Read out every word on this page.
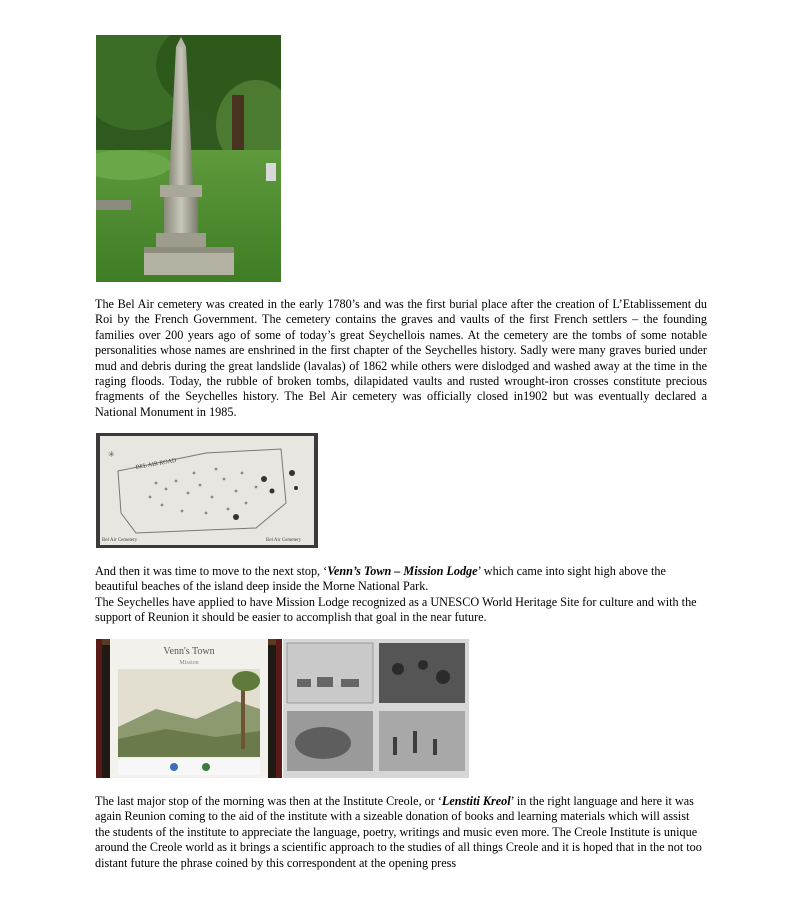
The Bel Air cemetery was created in the early 1780’s and was the first burial place after the creation of L’Etablissement du Roi by the French Government. The cemetery contains the graves and vaults of the first French settlers – the founding families over 200 years ago of some of today’s great Seychellois names. At the cemetery are the tombs of some notable personalities whose names are enshrined in the first chapter of the Seychelles history. Sadly were many graves buried under mud and debris during the great landslide (lavalas) of 1862 while others were dislodged and washed away at the time in the raging floods. Today, the rubble of broken tombs, dilapidated vaults and rusted wrought-iron crosses constitute precious fragments of the Seychelles history. The Bel Air cemetery was officially closed in1902 but was eventually declared a National Monument in 1985.

BEL AIR ROAD
✳
Bel Air Cemetery	Bel Air Cemetery

And then it was time to move to the next stop, ‘Venn’s Town – Mission Lodge’ which came into sight high above the beautiful beaches of the island deep inside the Morne National Park.
The Seychelles have applied to have Mission Lodge recognized as a UNESCO World Heritage Site for culture and with the support of Reunion it should be easier to accomplish that goal in the near future.

Venn's Town
Mission

The last major stop of the morning was then at the Institute Creole, or ‘Lenstiti Kreol’ in the right language and here it was again Reunion coming to the aid of the institute with a sizeable donation of books and learning materials which will assist the students of the institute to appreciate the language, poetry, writings and music even more. The Creole Institute is unique around the Creole world as it brings a scientific approach to the studies of all things Creole and it is hoped that in the not too distant future the phrase coined by this correspondent at the opening press
